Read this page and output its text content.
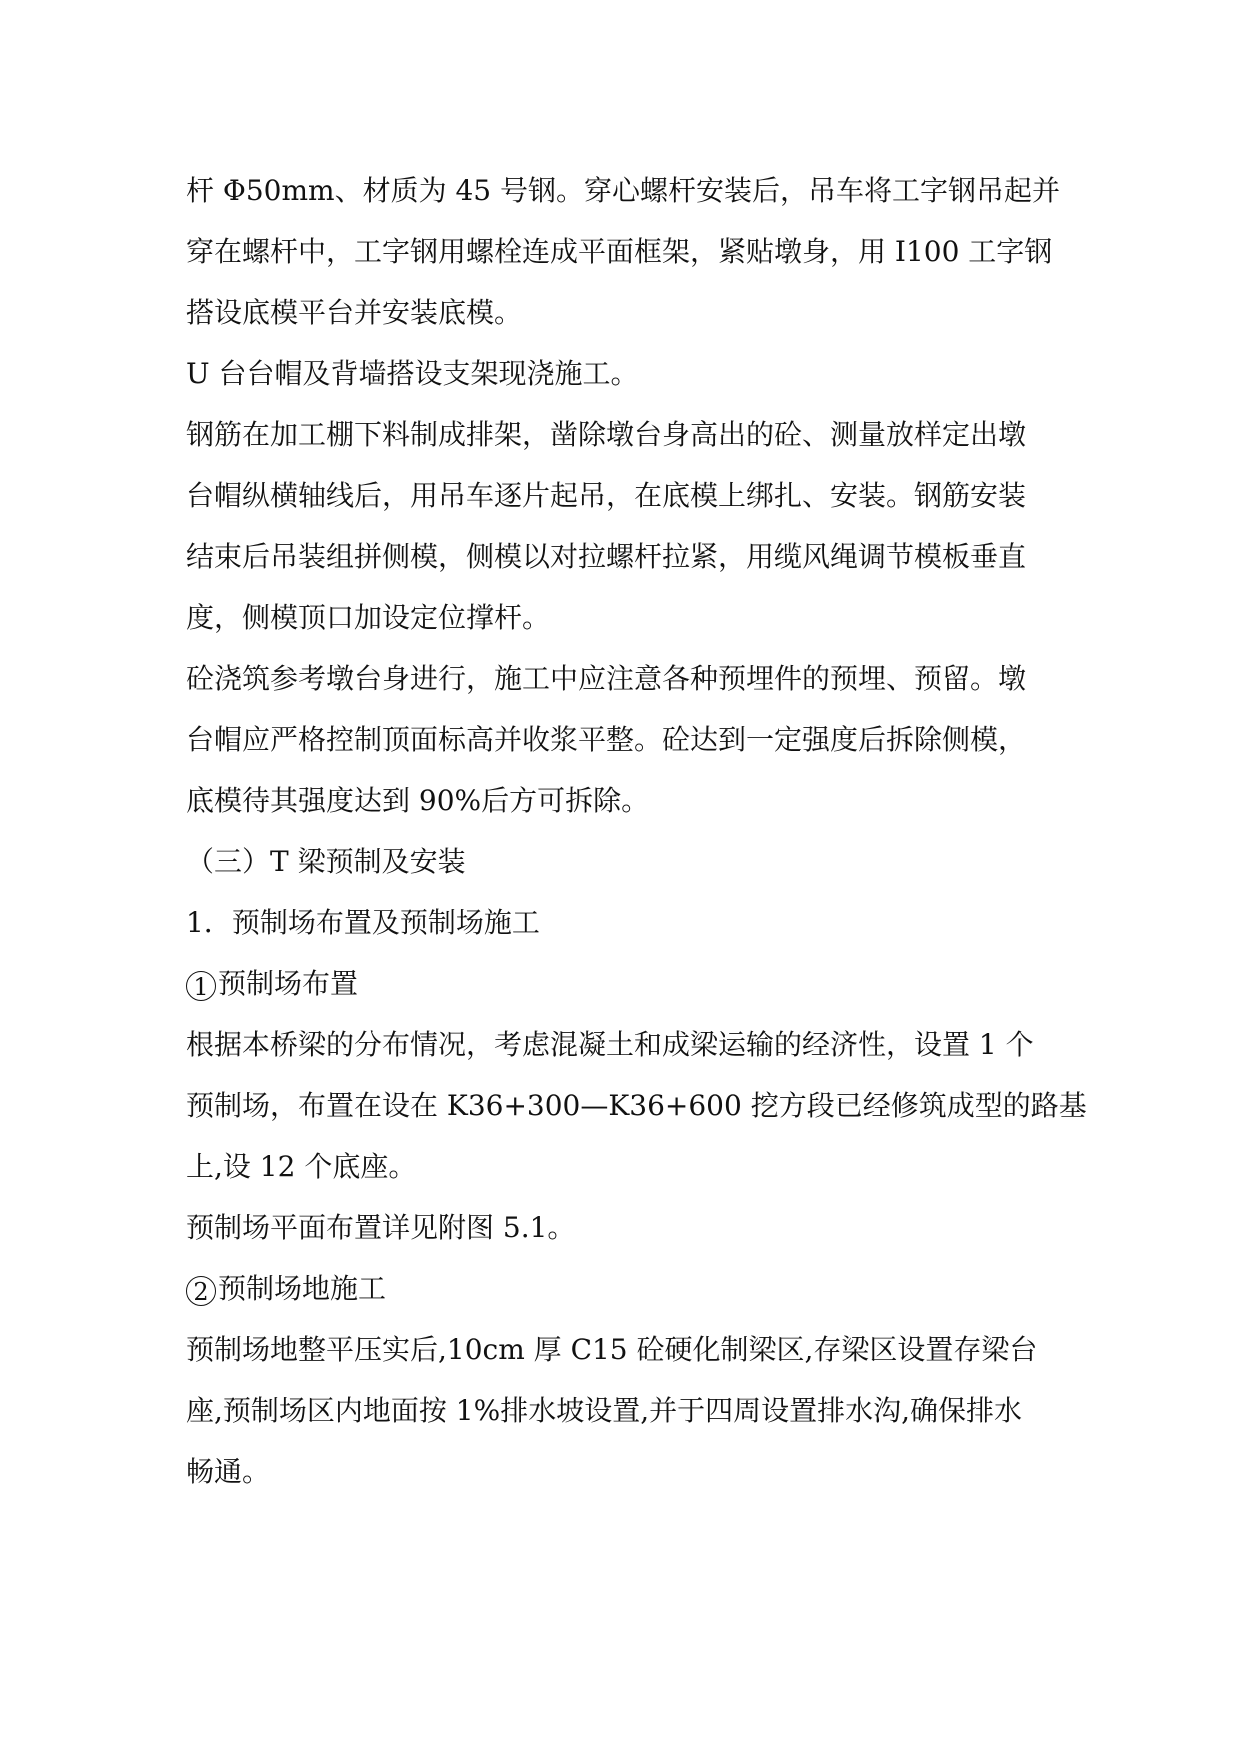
杆 Φ50mm、材质为 45 号钢。穿心螺杆安装后，吊车将工字钢吊起并
穿在螺杆中，工字钢用螺栓连成平面框架，紧贴墩身，用 I100 工字钢
搭设底模平台并安装底模。
U 台台帽及背墙搭设支架现浇施工。
钢筋在加工棚下料制成排架，凿除墩台身高出的砼、测量放样定出墩
台帽纵横轴线后，用吊车逐片起吊，在底模上绑扎、安装。钢筋安装
结束后吊装组拼侧模，侧模以对拉螺杆拉紧，用缆风绳调节模板垂直
度，侧模顶口加设定位撑杆。
砼浇筑参考墩台身进行，施工中应注意各种预埋件的预埋、预留。墩
台帽应严格控制顶面标高并收浆平整。砼达到一定强度后拆除侧模，
底模待其强度达到 90%后方可拆除。
（三）T 梁预制及安装
1．预制场布置及预制场施工
1 预制场布置
根据本桥梁的分布情况，考虑混凝土和成梁运输的经济性，设置 1 个
预制场，布置在设在 K36+300—K36+600 挖方段已经修筑成型的路基
上,设 12 个底座。
预制场平面布置详见附图 5.1。
2 预制场地施工
预制场地整平压实后,10cm 厚 C15 砼硬化制梁区,存梁区设置存梁台
座,预制场区内地面按 1%排水坡设置,并于四周设置排水沟,确保排水
畅通。
